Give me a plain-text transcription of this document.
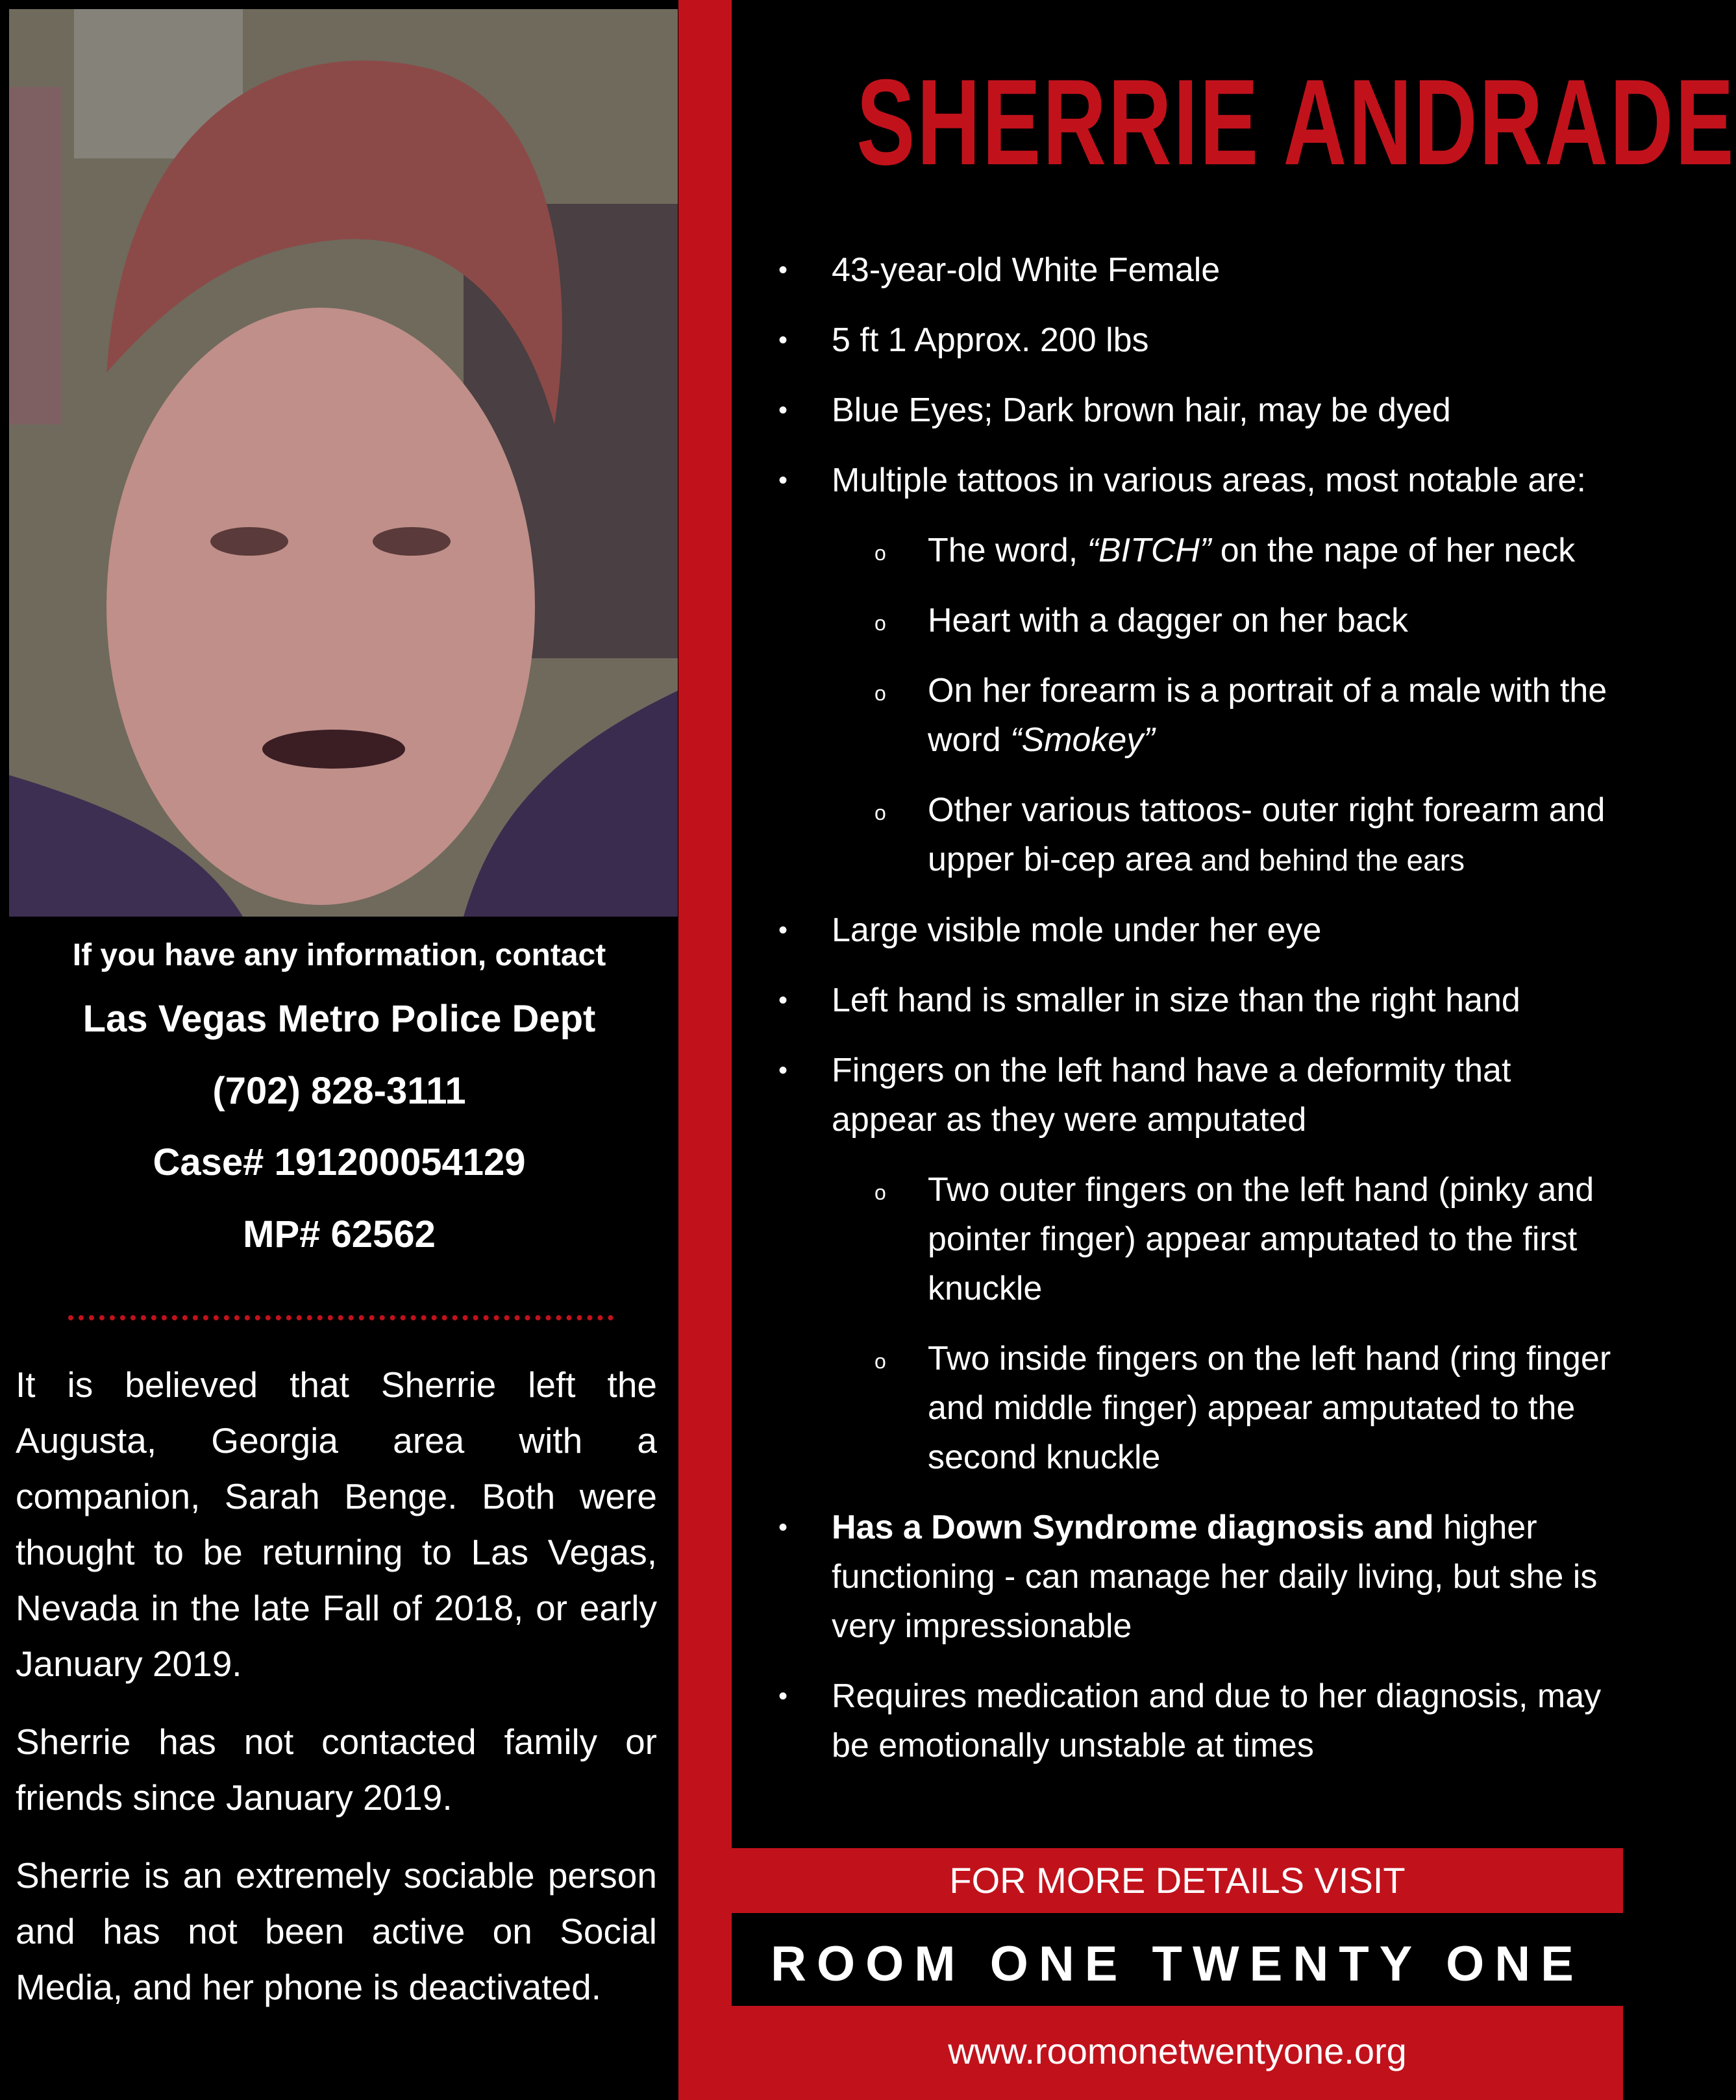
If you have any information, contact
Las Vegas Metro Police Dept
(702) 828-3111
Case# 191200054129
MP# 62562

It is believed that Sherrie left the Augusta, Georgia area with a companion, Sarah Benge. Both were thought to be returning to Las Vegas, Nevada in the late Fall of 2018, or early January 2019.

Sherrie has not contacted family or friends since January 2019.

Sherrie is an extremely sociable person and has not been active on Social Media, and her phone is deactivated.

SHERRIE ANDRADE
•	43-year-old White Female
•	5 ft 1 Approx. 200 lbs
•	Blue Eyes; Dark brown hair, may be dyed
•	Multiple tattoos in various areas, most notable are:
o The word, “BITCH” on the nape of her neck
o Heart with a dagger on her back
o On her forearm is a portrait of a male with the word “Smokey”
o Other various tattoos- outer right forearm and upper bi-cep area and behind the ears
•	Large visible mole under her eye
•	Left hand is smaller in size than the right hand
•	Fingers on the left hand have a deformity that appear as they were amputated
o Two outer fingers on the left hand (pinky and pointer finger) appear amputated to the first knuckle
o Two inside fingers on the left hand (ring finger and middle finger) appear amputated to the second knuckle
•	Has a Down Syndrome diagnosis and higher functioning - can manage her daily living, but she is very impressionable
•	Requires medication and due to her diagnosis, may be emotionally unstable at times
FOR MORE DETAILS VISIT
ROOM ONE TWENTY ONE
www.roomonetwentyone.org
